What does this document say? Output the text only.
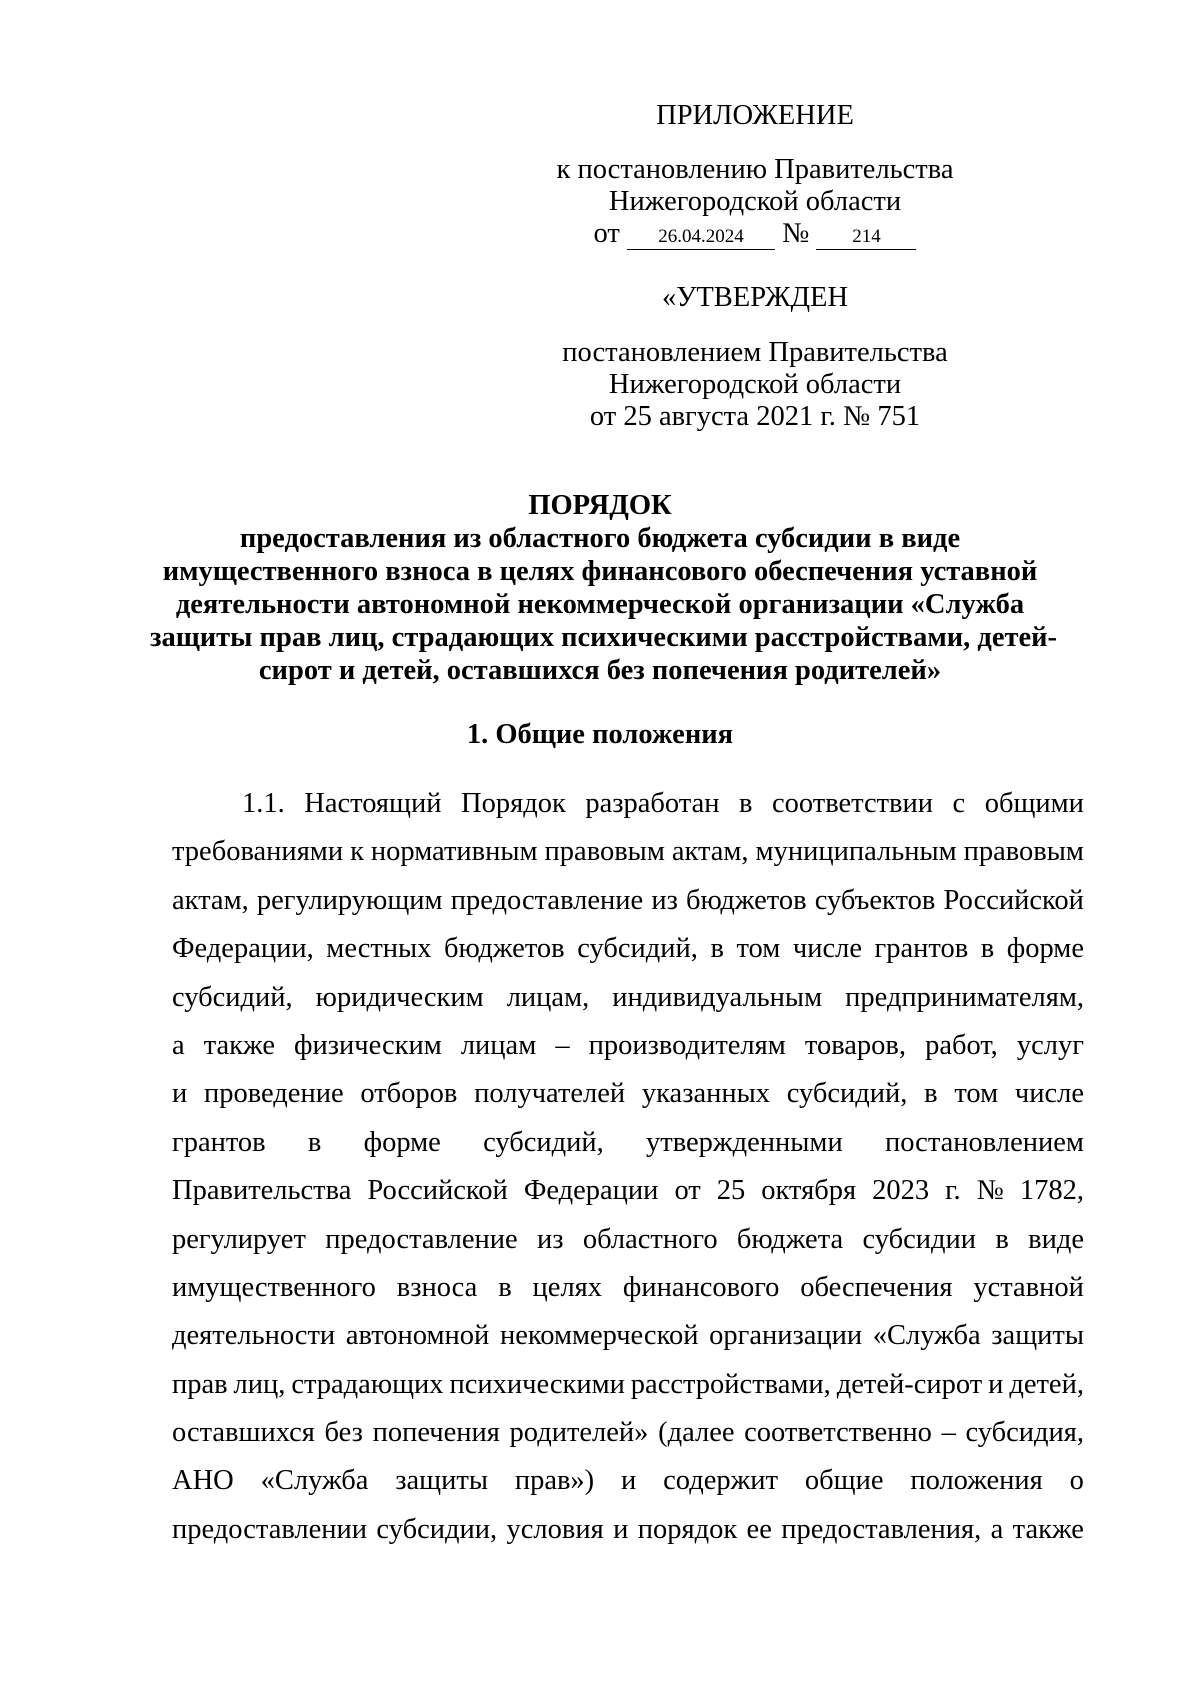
ПРИЛОЖЕНИЕ
к постановлению Правительства
Нижегородской области
от 26.04.2024 № 214
«УТВЕРЖДЕН
постановлением Правительства
Нижегородской области
от 25 августа 2021 г. № 751
ПОРЯДОК
предоставления из областного бюджета субсидии в виде
имущественного взноса в целях финансового обеспечения уставной
деятельности автономной некоммерческой организации «Служба
защиты прав лиц, страдающих психическими расстройствами, детей-
сирот и детей, оставшихся без попечения родителей»
1. Общие положения
1.1. Настоящий Порядок разработан в соответствии с общими
требованиями к нормативным правовым актам, муниципальным правовым
актам, регулирующим предоставление из бюджетов субъектов Российской
Федерации, местных бюджетов субсидий, в том числе грантов в форме
субсидий, юридическим лицам, индивидуальным предпринимателям,
а также физическим лицам – производителям товаров, работ, услуг
и проведение отборов получателей указанных субсидий, в том числе
грантов в форме субсидий, утвержденными постановлением
Правительства Российской Федерации от 25 октября 2023 г. № 1782,
регулирует предоставление из областного бюджета субсидии в виде
имущественного взноса в целях финансового обеспечения уставной
деятельности автономной некоммерческой организации «Служба защиты
прав лиц, страдающих психическими расстройствами, детей-сирот и детей,
оставшихся без попечения родителей» (далее соответственно – субсидия,
АНО «Служба защиты прав») и содержит общие положения о
предоставлении субсидии, условия и порядок ее предоставления, а также
